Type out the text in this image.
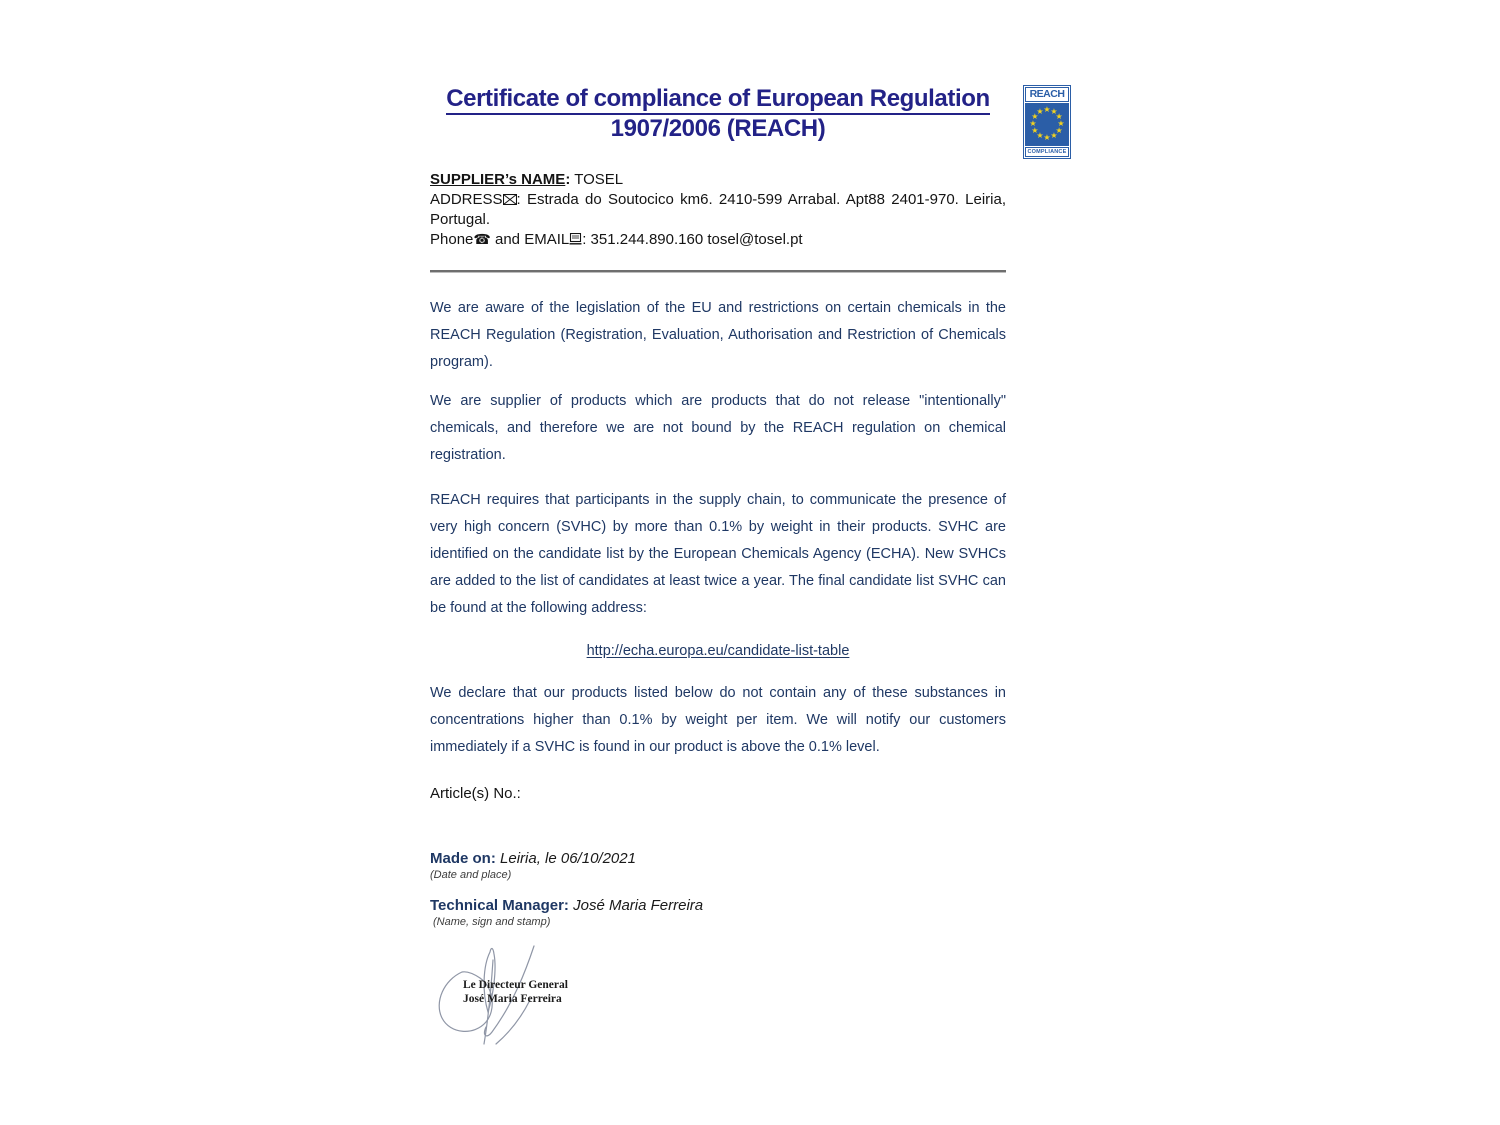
Certificate of compliance of European Regulation
1907/2006 (REACH)
SUPPLIER’s NAME: TOSEL
ADDRESS : Estrada do Soutocico km6. 2410-599 Arrabal. Apt88 2401-970. Leiria, Portugal.
Phone☎ and EMAIL : 351.244.890.160 tosel@tosel.pt

We are aware of the legislation of the EU and restrictions on certain chemicals in the REACH Regulation (Registration, Evaluation, Authorisation and Restriction of Chemicals program).

We are supplier of products which are products that do not release "intentionally" chemicals, and therefore we are not bound by the REACH regulation on chemical registration.

REACH requires that participants in the supply chain, to communicate the presence of very high concern (SVHC) by more than 0.1% by weight in their products. SVHC are identified on the candidate list by the European Chemicals Agency (ECHA). New SVHCs are added to the list of candidates at least twice a year. The final candidate list SVHC can be found at the following address:

http://echa.europa.eu/candidate-list-table

We declare that our products listed below do not contain any of these substances in concentrations higher than 0.1% by weight per item. We will notify our customers immediately if a SVHC is found in our product is above the 0.1% level.

Article(s) No.:
Made on: Leiria, le 06/10/2021
(Date and place)
Technical Manager: José Maria Ferreira
(Name, sign and stamp)
Le Directeur General
José Maria Ferreira
REACH
★ ★
★
★
★
★
★
★
★
★
★
★
COMPLIANCE
